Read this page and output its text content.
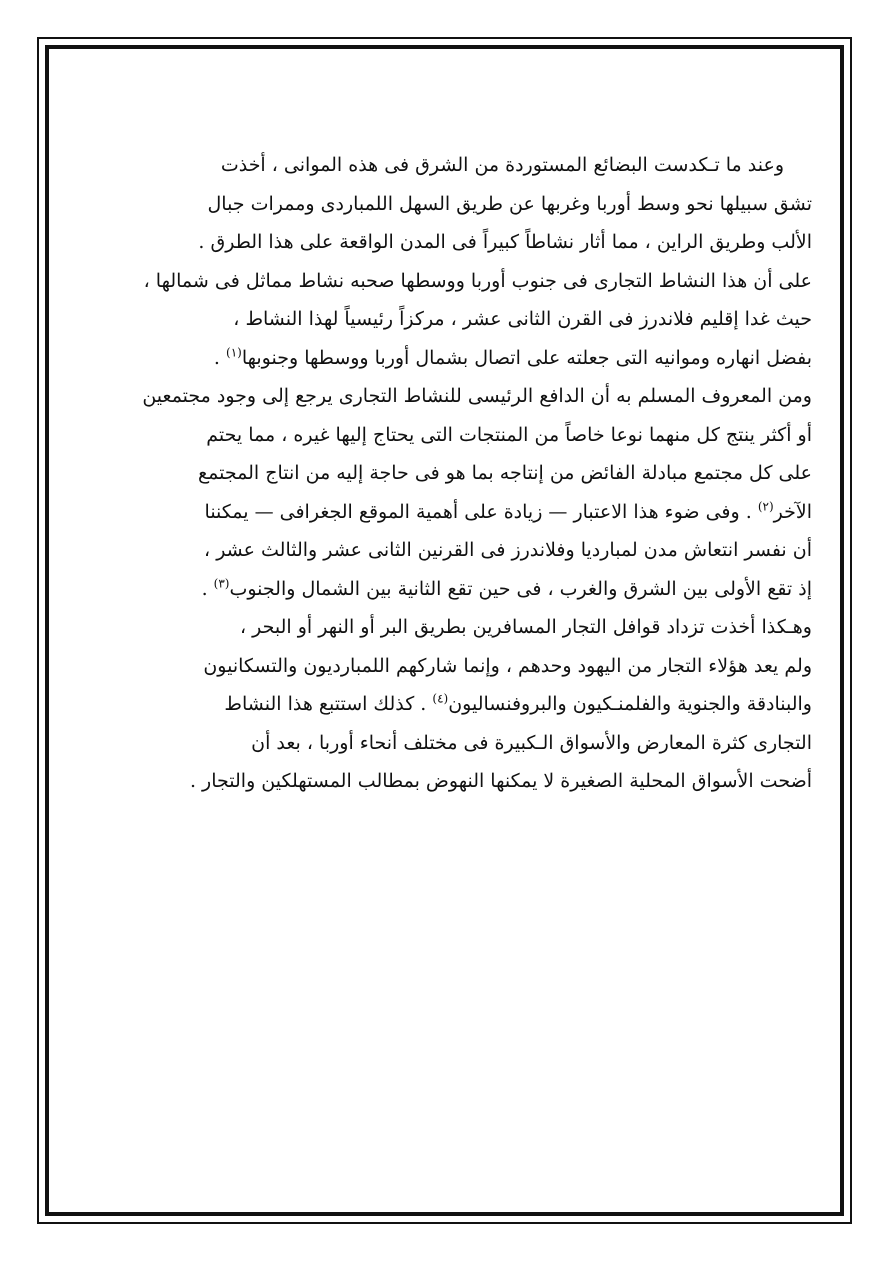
وعند ما تـكدست البضائع المستوردة من الشرق فى هذه الموانى ، أخذت
تشق سبيلها نحو وسط أوربا وغربها عن طريق السهل اللمباردى وممرات جبال
الألب وطريق الراين ، مما أثار نشاطاً كبيراً فى المدن الواقعة على هذا الطرق .
على أن هذا النشاط التجارى فى جنوب أوربا ووسطها صحبه نشاط مماثل فى شمالها ،
حيث غدا إقليم فلاندرز فى القرن الثانى عشر ، مركزاً رئيسياً لهذا النشاط ،
بفضل انهاره وموانيه التى جعلته على اتصال بشمال أوربا ووسطها وجنوبها$^{(١)}$ .
ومن المعروف المسلم به أن الدافع الرئيسى للنشاط التجارى يرجع إلى وجود مجتمعين
أو أكثر ينتج كل منهما نوعا خاصاً من المنتجات التى يحتاج إليها غيره ، مما يحتم
على كل مجتمع مبادلة الفائض من إنتاجه بما هو فى حاجة إليه من انتاج المجتمع
الآخر$^{(٢)}$ . وفى ضوء هذا الاعتبار — زيادة على أهمية الموقع الجغرافى — يمكننا
أن نفسر انتعاش مدن لمبارديا وفلاندرز فى القرنين الثانى عشر والثالث عشر ،
إذ تقع الأولى بين الشرق والغرب ، فى حين تقع الثانية بين الشمال والجنوب$^{(٣)}$ .
وهـكذا أخذت تزداد قوافل التجار المسافرين بطريق البر أو النهر أو البحر ،
ولم يعد هؤلاء التجار من اليهود وحدهم ، وإنما شاركهم اللمبارديون والتسكانيون
والبنادقة والجنوية والفلمنـكيون والبروفنساليون$^{(٤)}$ . كذلك استتبع هذا النشاط
التجارى كثرة المعارض والأسواق الـكبيرة فى مختلف أنحاء أوربا ، بعد أن
أضحت الأسواق المحلية الصغيرة لا يمكنها النهوض بمطالب المستهلكين والتجار .
